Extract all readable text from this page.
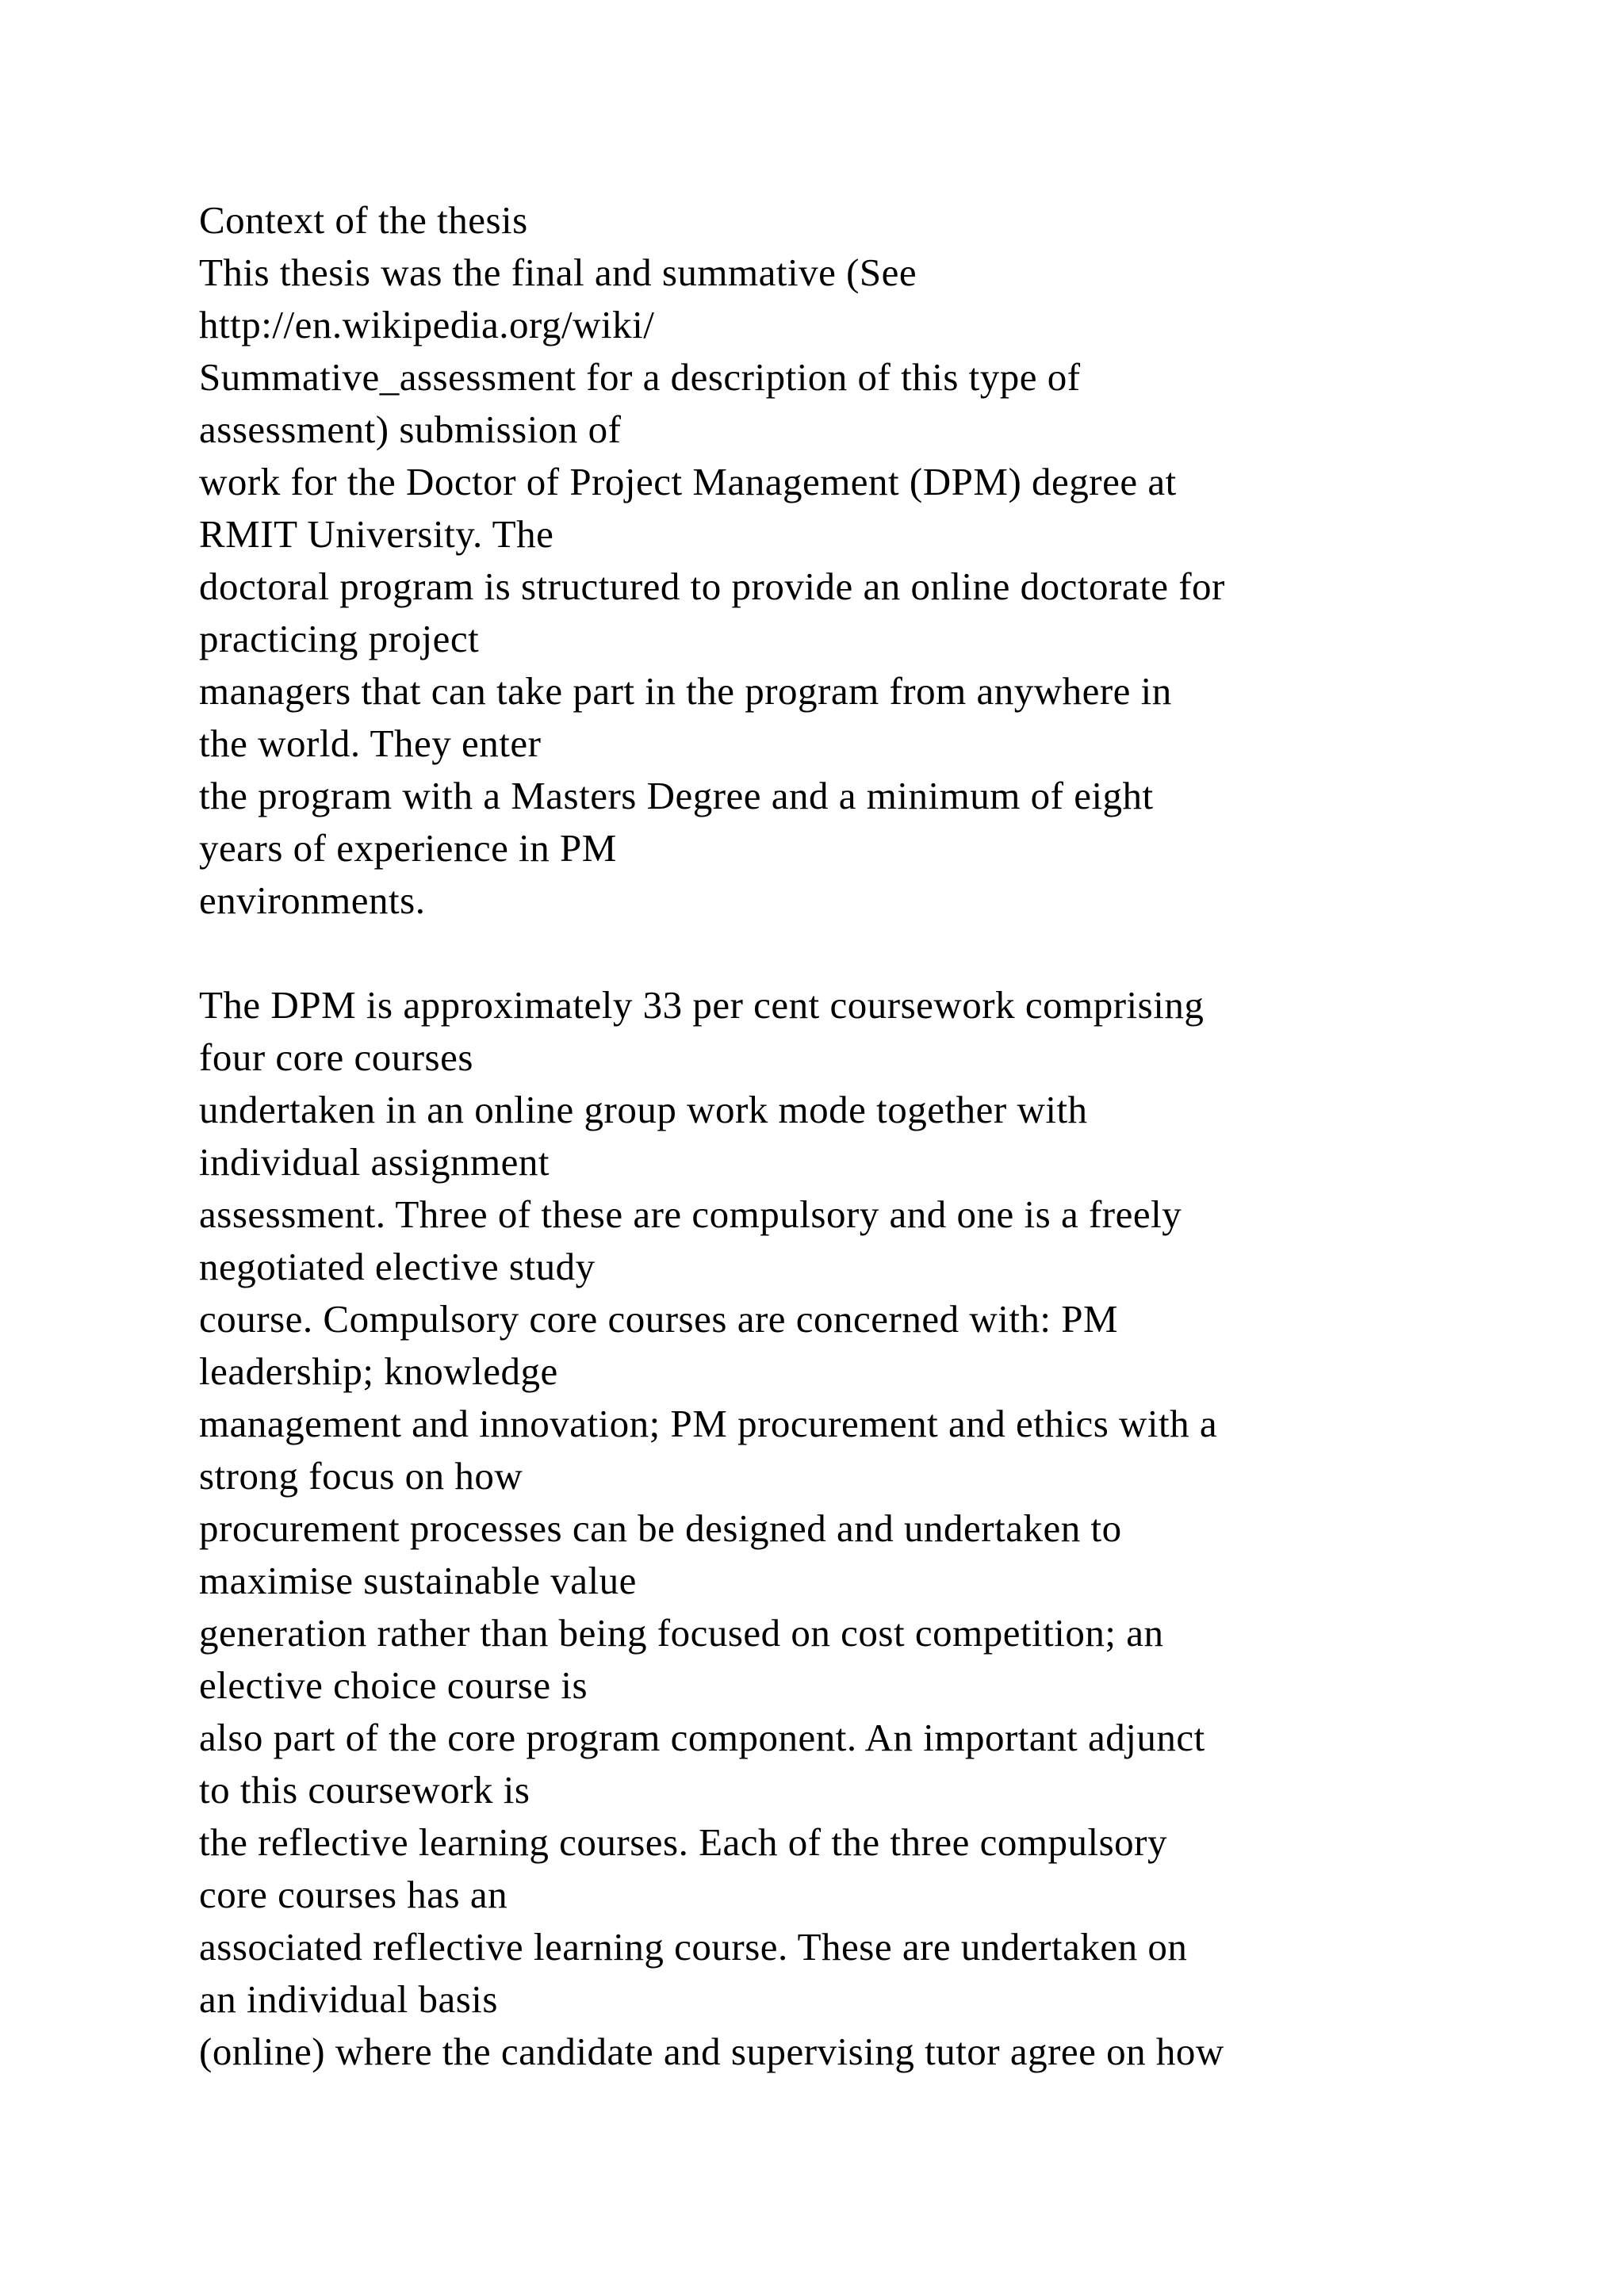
Context of the thesis
This thesis was the final and summative (See
http://en.wikipedia.org/wiki/
Summative_assessment for a description of this type of
assessment) submission of
work for the Doctor of Project Management (DPM) degree at
RMIT University. The
doctoral program is structured to provide an online doctorate for
practicing project
managers that can take part in the program from anywhere in
the world. They enter
the program with a Masters Degree and a minimum of eight
years of experience in PM
environments.
The DPM is approximately 33 per cent coursework comprising
four core courses
undertaken in an online group work mode together with
individual assignment
assessment. Three of these are compulsory and one is a freely
negotiated elective study
course. Compulsory core courses are concerned with: PM
leadership; knowledge
management and innovation; PM procurement and ethics with a
strong focus on how
procurement processes can be designed and undertaken to
maximise sustainable value
generation rather than being focused on cost competition; an
elective choice course is
also part of the core program component. An important adjunct
to this coursework is
the reflective learning courses. Each of the three compulsory
core courses has an
associated reflective learning course. These are undertaken on
an individual basis
(online) where the candidate and supervising tutor agree on how
